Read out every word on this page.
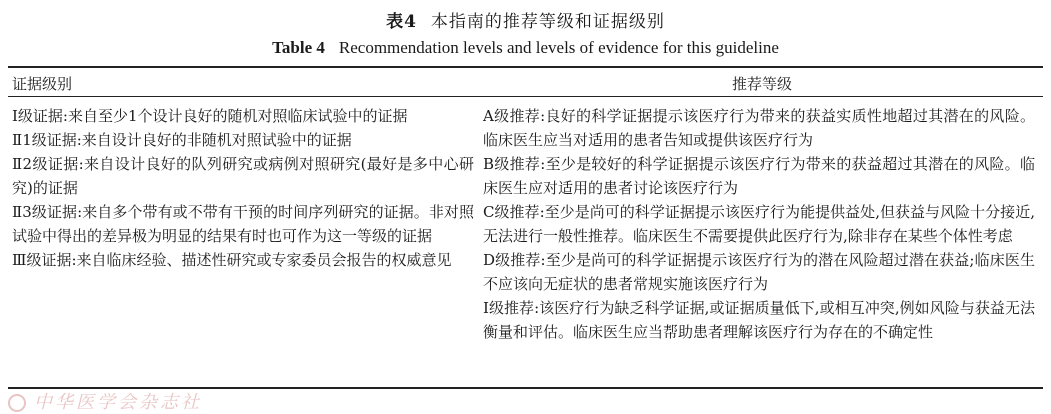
表4 本指南的推荐等级和证据级别
Table 4 Recommendation levels and levels of evidence for this guideline
证据级别	推荐等级
Ⅰ级证据:来自至少1个设计良好的随机对照临床试验中的证据
Ⅱ1级证据:来自设计良好的非随机对照试验中的证据
Ⅱ2级证据:来自设计良好的队列研究或病例对照研究(最好是多中心研究)的证据
Ⅱ3级证据:来自多个带有或不带有干预的时间序列研究的证据。非对照试验中得出的差异极为明显的结果有时也可作为这一等级的证据
Ⅲ级证据:来自临床经验、描述性研究或专家委员会报告的权威意见
A级推荐:良好的科学证据提示该医疗行为带来的获益实质性地超过其潜在的风险。临床医生应当对适用的患者告知或提供该医疗行为
B级推荐:至少是较好的科学证据提示该医疗行为带来的获益超过其潜在的风险。临床医生应对适用的患者讨论该医疗行为
C级推荐:至少是尚可的科学证据提示该医疗行为能提供益处,但获益与风险十分接近,无法进行一般性推荐。临床医生不需要提供此医疗行为,除非存在某些个体性考虑
D级推荐:至少是尚可的科学证据提示该医疗行为的潜在风险超过潜在获益;临床医生不应该向无症状的患者常规实施该医疗行为
I级推荐:该医疗行为缺乏科学证据,或证据质量低下,或相互冲突,例如风险与获益无法衡量和评估。临床医生应当帮助患者理解该医疗行为存在的不确定性
中华医学会杂志社
